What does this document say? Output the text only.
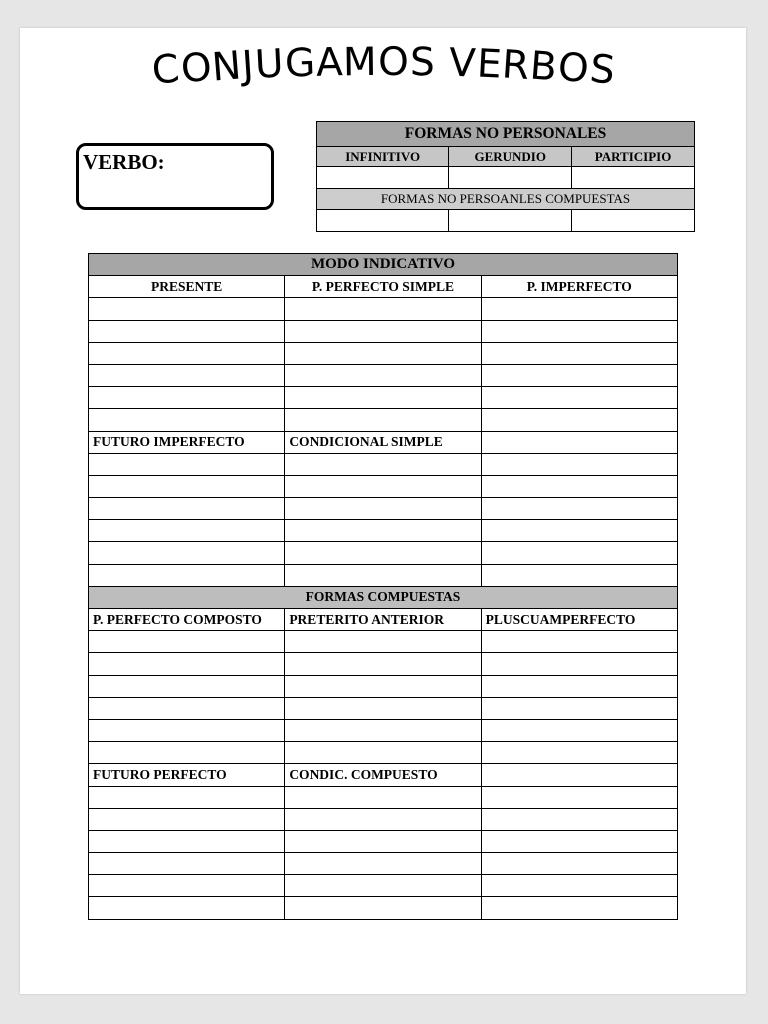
CONJUGAMOS VERBOS
VERBO:
FORMAS NO PERSONALES		
INFINITIVO	GERUNDIO	PARTICIPIO

FORMAS NO PERSOANLES COMPUESTAS		

MODO INDICATIVO		
PRESENTE	P. PERFECTO SIMPLE	P. IMPERFECTO

FUTURO IMPERFECTO	CONDICIONAL SIMPLE	

FORMAS COMPUESTAS		
P. PERFECTO COMPOSTO	PRETERITO ANTERIOR	PLUSCUAMPERFECTO

FUTURO PERFECTO	CONDIC. COMPUESTO	
